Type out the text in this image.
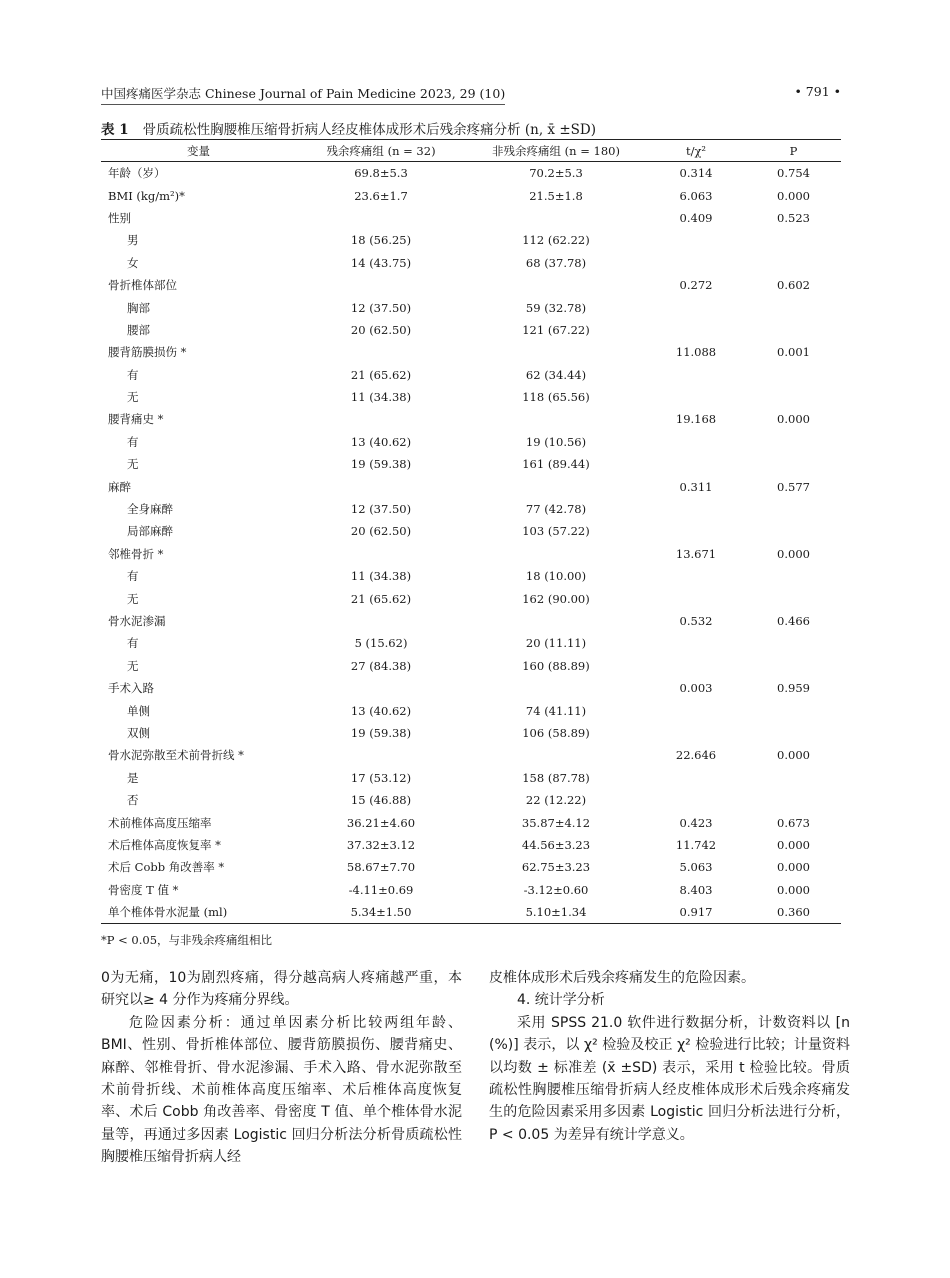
中国疼痛医学杂志 Chinese Journal of Pain Medicine 2023, 29 (10)	• 791 •
表 1 骨质疏松性胸腰椎压缩骨折病人经皮椎体成形术后残余疼痛分析 (n, x̄ ±SD)
变量	残余疼痛组 (n = 32)	非残余疼痛组 (n = 180)	t/χ²	P
年龄（岁）	69.8±5.3	70.2±5.3	0.314	0.754
BMI (kg/m²)*	23.6±1.7	21.5±1.8	6.063	0.000
性别			0.409	0.523
男	18 (56.25)	112 (62.22)		
女	14 (43.75)	68 (37.78)		
骨折椎体部位			0.272	0.602
胸部	12 (37.50)	59 (32.78)		
腰部	20 (62.50)	121 (67.22)		
腰背筋膜损伤 *			11.088	0.001
有	21 (65.62)	62 (34.44)		
无	11 (34.38)	118 (65.56)		
腰背痛史 *			19.168	0.000
有	13 (40.62)	19 (10.56)		
无	19 (59.38)	161 (89.44)		
麻醉			0.311	0.577
全身麻醉	12 (37.50)	77 (42.78)		
局部麻醉	20 (62.50)	103 (57.22)		
邻椎骨折 *			13.671	0.000
有	11 (34.38)	18 (10.00)		
无	21 (65.62)	162 (90.00)		
骨水泥渗漏			0.532	0.466
有	5 (15.62)	20 (11.11)		
无	27 (84.38)	160 (88.89)		
手术入路			0.003	0.959
单侧	13 (40.62)	74 (41.11)		
双侧	19 (59.38)	106 (58.89)		
骨水泥弥散至术前骨折线 *			22.646	0.000
是	17 (53.12)	158 (87.78)		
否	15 (46.88)	22 (12.22)		
术前椎体高度压缩率	36.21±4.60	35.87±4.12	0.423	0.673
术后椎体高度恢复率 *	37.32±3.12	44.56±3.23	11.742	0.000
术后 Cobb 角改善率 *	58.67±7.70	62.75±3.23	5.063	0.000
骨密度 T 值 *	-4.11±0.69	-3.12±0.60	8.403	0.000
单个椎体骨水泥量 (ml)	5.34±1.50	5.10±1.34	0.917	0.360
*P < 0.05，与非残余疼痛组相比

0为无痛，10为剧烈疼痛，得分越高病人疼痛越严重，本研究以≥ 4 分作为疼痛分界线。

危险因素分析：通过单因素分析比较两组年龄、BMI、性别、骨折椎体部位、腰背筋膜损伤、腰背痛史、麻醉、邻椎骨折、骨水泥渗漏、手术入路、骨水泥弥散至术前骨折线、术前椎体高度压缩率、术后椎体高度恢复率、术后 Cobb 角改善率、骨密度 T 值、单个椎体骨水泥量等，再通过多因素 Logistic 回归分析法分析骨质疏松性胸腰椎压缩骨折病人经

皮椎体成形术后残余疼痛发生的危险因素。

4. 统计学分析

采用 SPSS 21.0 软件进行数据分析，计数资料以 [n (%)] 表示，以 χ² 检验及校正 χ² 检验进行比较；计量资料以均数 ± 标准差 (x̄ ±SD) 表示，采用 t 检验比较。骨质疏松性胸腰椎压缩骨折病人经皮椎体成形术后残余疼痛发生的危险因素采用多因素 Logistic 回归分析法进行分析，P < 0.05 为差异有统计学意义。
